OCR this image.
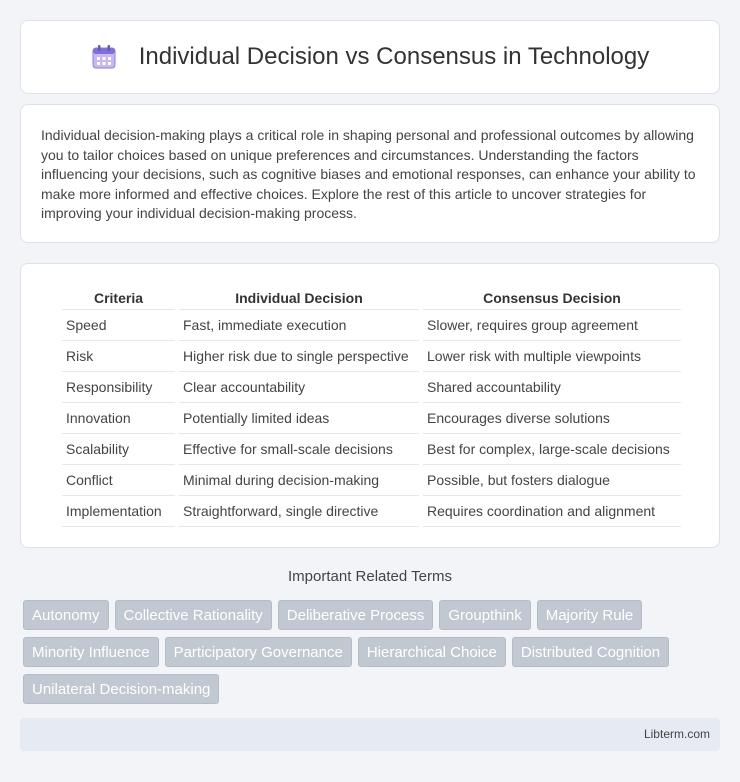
Individual Decision vs Consensus in Technology

Individual decision-making plays a critical role in shaping personal and professional outcomes by allowing you to tailor choices based on unique preferences and circumstances. Understanding the factors influencing your decisions, such as cognitive biases and emotional responses, can enhance your ability to make more informed and effective choices. Explore the rest of this article to uncover strategies for improving your individual decision-making process.

Criteria	Individual Decision	Consensus Decision
Speed	Fast, immediate execution	Slower, requires group agreement
Risk	Higher risk due to single perspective	Lower risk with multiple viewpoints
Responsibility	Clear accountability	Shared accountability
Innovation	Potentially limited ideas	Encourages diverse solutions
Scalability	Effective for small-scale decisions	Best for complex, large-scale decisions
Conflict	Minimal during decision-making	Possible, but fosters dialogue
Implementation	Straightforward, single directive	Requires coordination and alignment
Important Related Terms
Autonomy	Collective Rationality	Deliberative Process	Groupthink	Majority Rule
Minority Influence	Participatory Governance	Hierarchical Choice	Distributed Cognition
Unilateral Decision-making
Libterm.com
